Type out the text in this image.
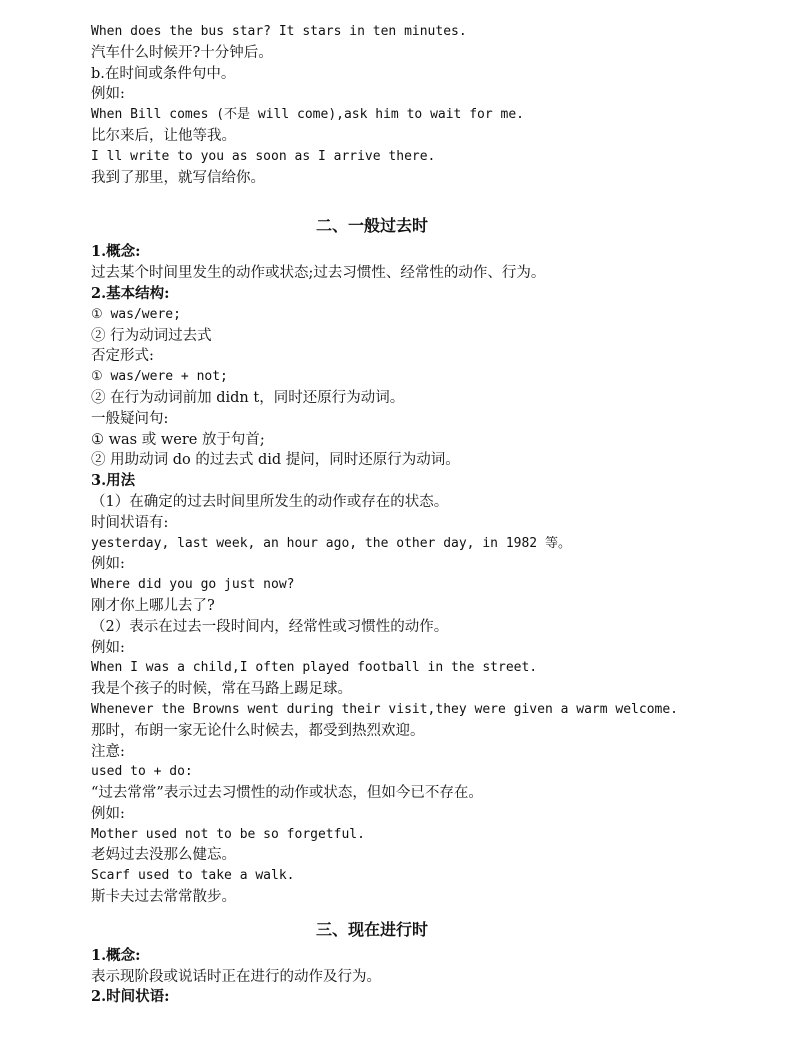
When does the bus star? It stars in ten minutes.
汽车什么时候开?十分钟后。
b.在时间或条件句中。
例如:
When Bill comes (不是 will come),ask him to wait for me.
比尔来后，让他等我。
I ll write to you as soon as I arrive there.
我到了那里，就写信给你。
二、一般过去时
1.概念:
过去某个时间里发生的动作或状态;过去习惯性、经常性的动作、行为。
2.基本结构:
① was/were;
② 行为动词过去式
否定形式:
① was/were + not;
② 在行为动词前加 didn t，同时还原行为动词。
一般疑问句:
① was 或 were 放于句首;
② 用助动词 do 的过去式 did 提问，同时还原行为动词。
3.用法
（1）在确定的过去时间里所发生的动作或存在的状态。
时间状语有:
yesterday, last week, an hour ago, the other day, in 1982 等。
例如:
Where did you go just now?
刚才你上哪儿去了?
（2）表示在过去一段时间内，经常性或习惯性的动作。
例如:
When I was a child,I often played football in the street.
我是个孩子的时候，常在马路上踢足球。
Whenever the Browns went during their visit,they were given a warm welcome.
那时，布朗一家无论什么时候去，都受到热烈欢迎。
注意:
used to + do:
“过去常常”表示过去习惯性的动作或状态，但如今已不存在。
例如:
Mother used not to be so forgetful.
老妈过去没那么健忘。
Scarf used to take a walk.
斯卡夫过去常常散步。
三、现在进行时
1.概念:
表示现阶段或说话时正在进行的动作及行为。
2.时间状语:
